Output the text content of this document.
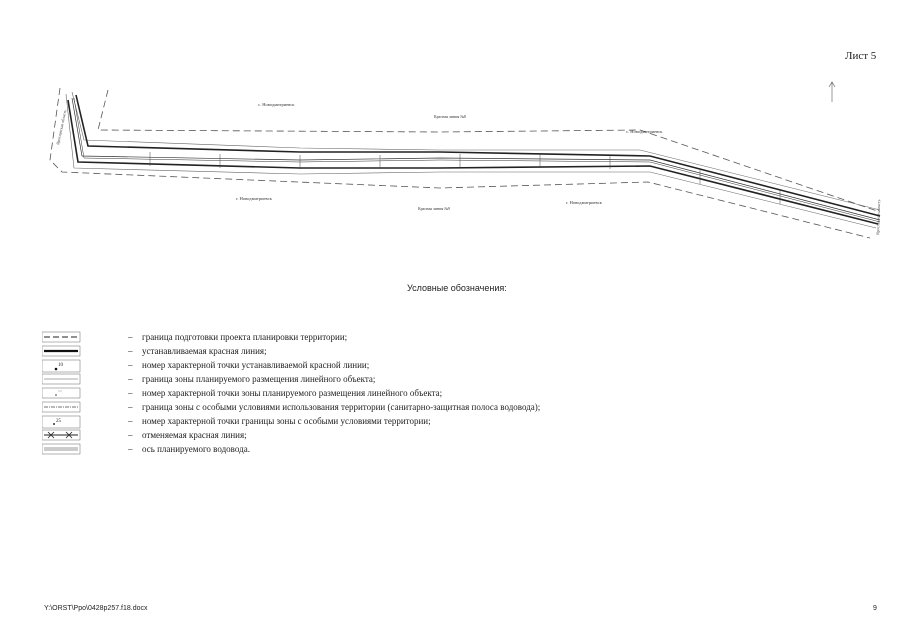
Лист 5
с. Новодмитриевск
Красная линия №8
с. Новодмитриевск
г. Новодмитриевск
Красная линия №9
г. Новодмитриевск
Ярославская область
Ярославская область
Условные обозначения:
– граница подготовки проекта планировки территории;
– устанавливаемая красная линия;
10	– номер характерной точки устанавливаемой красной линии;
– граница зоны планируемого размещения линейного объекта;
– номер характерной точки зоны планируемого размещения линейного объекта;
– граница зоны с особыми условиями использования территории (санитарно-защитная полоса водовода);
25	– номер характерной точки границы зоны с особыми условиями территории;
– отменяемая красная линия;
– ось планируемого водовода.
Y:\ORST\Ppo\0428p257.f18.docx	9
